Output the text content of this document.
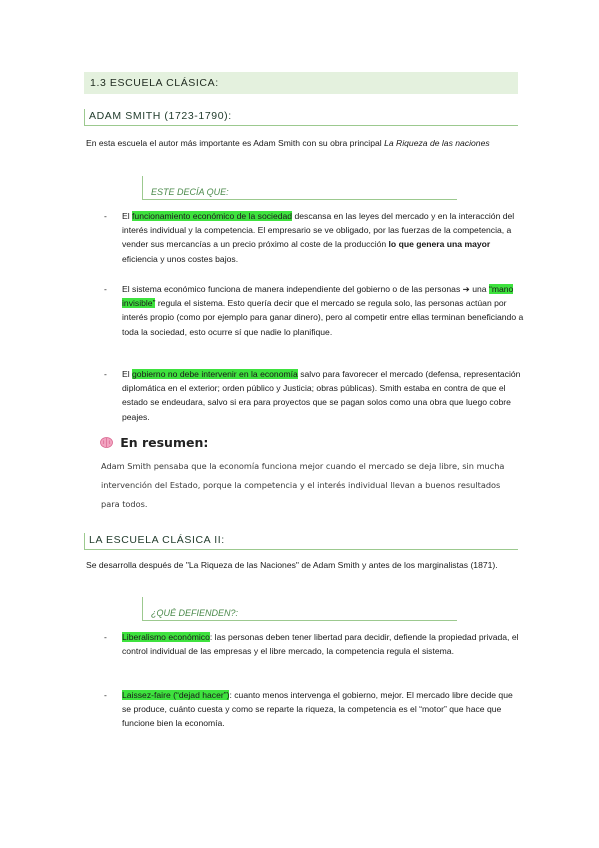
1.3 ESCUELA CLÁSICA:
ADAM SMITH (1723-1790):
En esta escuela el autor más importante es Adam Smith con su obra principal La Riqueza de las naciones
ESTE DECÍA QUE:
- El funcionamiento económico de la sociedad descansa en las leyes del mercado y en la interacción del interés individual y la competencia. El empresario se ve obligado, por las fuerzas de la competencia, a vender sus mercancías a un precio próximo al coste de la producción lo que genera una mayor eficiencia y unos costes bajos.
- El sistema económico funciona de manera independiente del gobierno o de las personas ➔ una “mano invisible” regula el sistema. Esto quería decir que el mercado se regula solo, las personas actúan por interés propio (como por ejemplo para ganar dinero), pero al competir entre ellas terminan beneficiando a toda la sociedad, esto ocurre sí que nadie lo planifique.
- El gobierno no debe intervenir en la economía salvo para favorecer el mercado (defensa, representación diplomática en el exterior; orden público y Justicia; obras públicas). Smith estaba en contra de que el estado se endeudara, salvo si era para proyectos que se pagan solos como una obra que luego cobre peajes.
En resumen:
Adam Smith pensaba que la economía funciona mejor cuando el mercado se deja libre, sin mucha intervención del Estado, porque la competencia y el interés individual llevan a buenos resultados para todos.
LA ESCUELA CLÁSICA II:
Se desarrolla después de "La Riqueza de las Naciones" de Adam Smith y antes de los marginalistas (1871).
¿QUÉ DEFIENDEN?:
- Liberalismo económico: las personas deben tener libertad para decidir, defiende la propiedad privada, el control individual de las empresas y el libre mercado, la competencia regula el sistema.
- Laissez-faire (“dejad hacer”): cuanto menos intervenga el gobierno, mejor. El mercado libre decide que se produce, cuánto cuesta y como se reparte la riqueza, la competencia es el “motor” que hace que funcione bien la economía.
